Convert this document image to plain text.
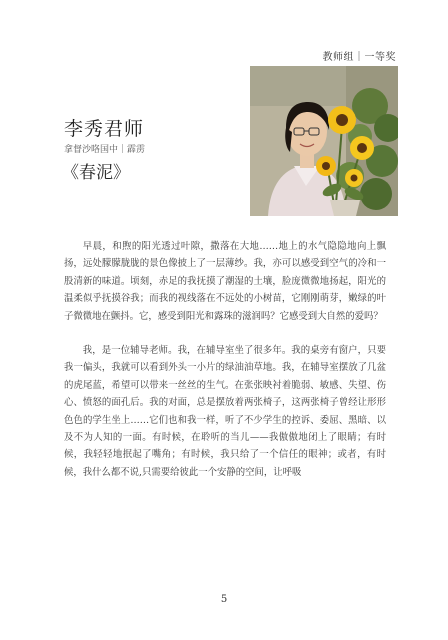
教师组｜一等奖
李秀君师
拿督沙咯国中｜霹雳
《春泥》

早晨，和煦的阳光透过叶隙，撒落在大地……地上的水气隐隐地向上飘扬，远处朦朦胧胧的景色像披上了一层薄纱。我，亦可以感受到空气的冷和一股清新的味道。顷刻，赤足的我抚摸了潮湿的土壤，脸庞微微地扬起，阳光的温柔似乎抚摸谷我；而我的视线落在不远处的小树苗，它刚刚萌芽，嫩绿的叶子微微地在颤抖。它，感受到阳光和露珠的滋润吗？它感受到大自然的爱吗？

我，是一位辅导老师。我，在辅导室坐了很多年。我的桌旁有窗户，只要我一偏头，我就可以看到外头一小片的绿油油草地。我，在辅导室摆放了几盆的虎尾蓝，希望可以带来一丝丝的生气。在张张映衬着脆弱、敏感、失望、伤心、愤怒的面孔后。我的对面，总是摆放着两张椅子，这两张椅子曾经让形形色色的学生坐上……它们也和我一样，听了不少学生的控诉、委屈、黑暗、以及不为人知的一面。有时候，在聆听的当儿——我傲傲地闭上了眼睛；有时候，我轻轻地抿起了嘴角；有时候，我只给了一个信任的眼神；或者，有时候，我什么都不说,只需要给彼此一个安静的空间，让呼吸

5
